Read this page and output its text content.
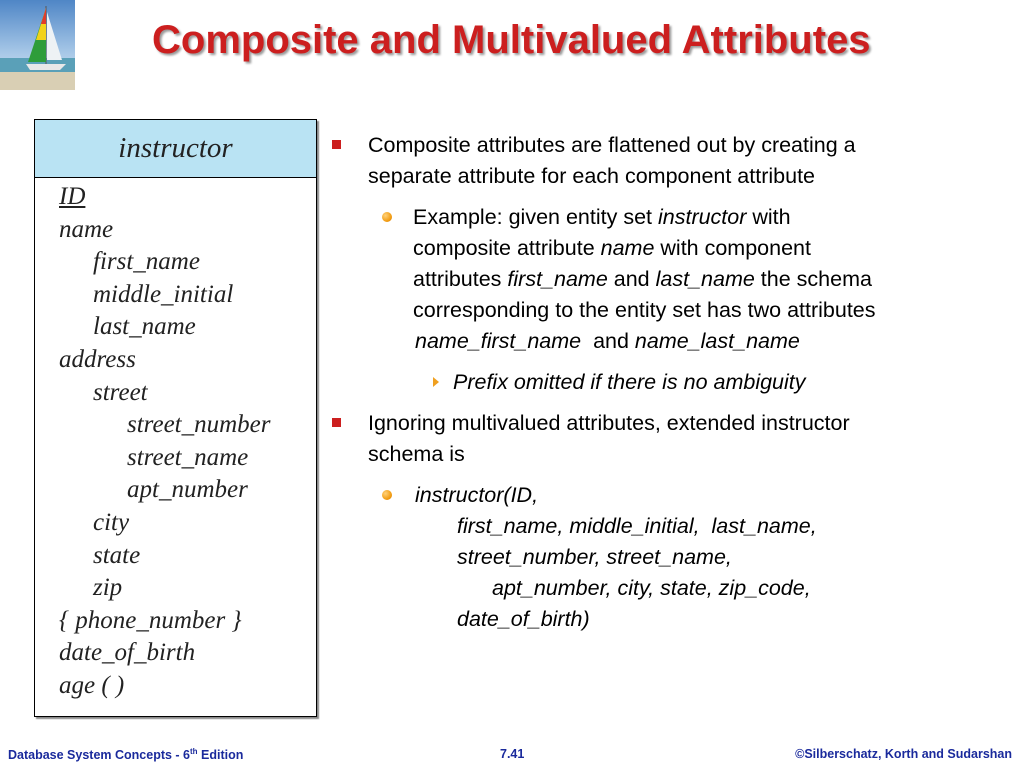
Composite and Multivalued Attributes
instructor
ID
name
first_name
middle_initial
last_name
address
street
street_number
street_name
apt_number
city
state
zip
{ phone_number }
date_of_birth
age ( )
Composite attributes are flattened out by creating a
separate attribute for each component attribute
Example: given entity set instructor with
composite attribute name with component
attributes first_name and last_name the schema
corresponding to the entity set has two attributes
name_first_name  and name_last_name
Prefix omitted if there is no ambiguity
Ignoring multivalued attributes, extended instructor
schema is
instructor(ID,
first_name, middle_initial,  last_name,
street_number, street_name,
apt_number, city, state, zip_code,
date_of_birth)
Database System Concepts - 6th Edition	7.41	©Silberschatz, Korth and Sudarshan
